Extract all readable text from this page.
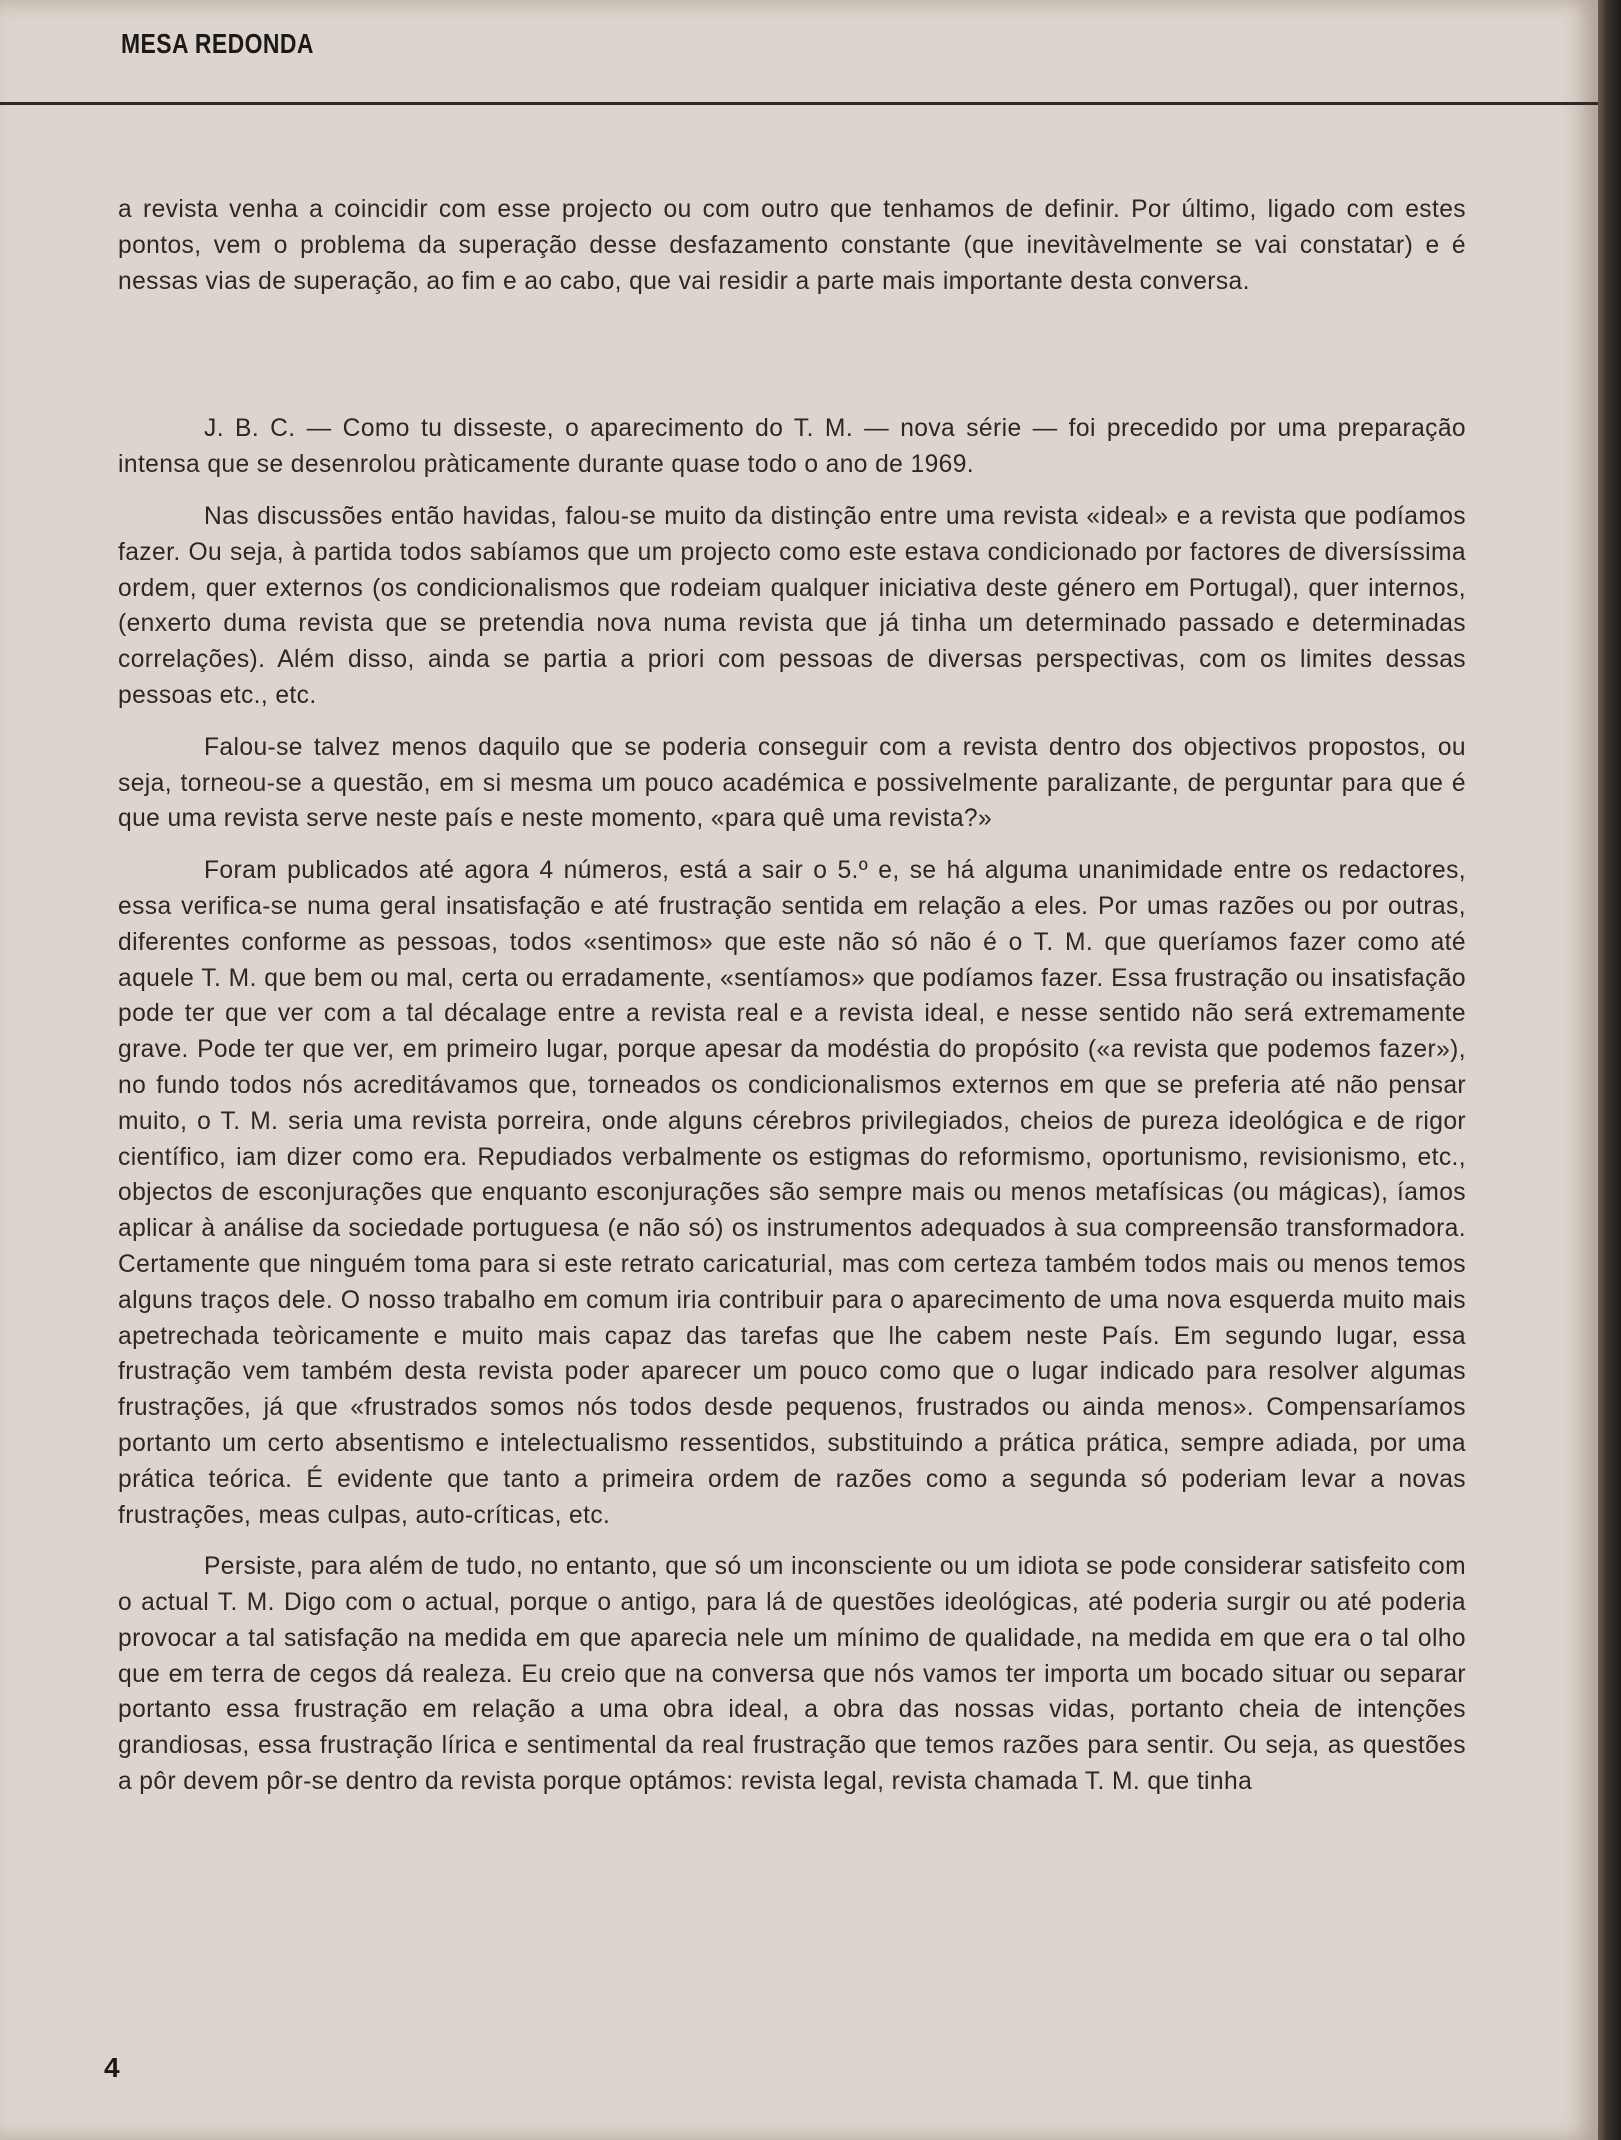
MESA REDONDA

a revista venha a coincidir com esse projecto ou com outro que tenhamos de definir. Por último, ligado com estes pontos, vem o problema da superação desse desfazamento constante (que inevitàvelmente se vai constatar) e é nessas vias de superação, ao fim e ao cabo, que vai residir a parte mais importante desta conversa.

J. B. C. — Como tu disseste, o aparecimento do T. M. — nova série — foi precedido por uma preparação intensa que se desenrolou pràticamente durante quase todo o ano de 1969.

Nas discussões então havidas, falou-se muito da distinção entre uma revista «ideal» e a revista que podíamos fazer. Ou seja, à partida todos sabíamos que um projecto como este estava condicionado por factores de diversíssima ordem, quer externos (os condicionalismos que rodeiam qualquer iniciativa deste género em Portugal), quer internos, (enxerto duma revista que se pretendia nova numa revista que já tinha um determinado passado e determinadas correlações). Além disso, ainda se partia a priori com pessoas de diversas perspectivas, com os limites dessas pessoas etc., etc.

Falou-se talvez menos daquilo que se poderia conseguir com a revista dentro dos objectivos propostos, ou seja, torneou-se a questão, em si mesma um pouco académica e possivelmente paralizante, de perguntar para que é que uma revista serve neste país e neste momento, «para quê uma revista?»

Foram publicados até agora 4 números, está a sair o 5.º e, se há alguma unanimidade entre os redactores, essa verifica-se numa geral insatisfação e até frustração sentida em relação a eles. Por umas razões ou por outras, diferentes conforme as pessoas, todos «sentimos» que este não só não é o T. M. que queríamos fazer como até aquele T. M. que bem ou mal, certa ou erradamente, «sentíamos» que podíamos fazer. Essa frustração ou insatisfação pode ter que ver com a tal décalage entre a revista real e a revista ideal, e nesse sentido não será extremamente grave. Pode ter que ver, em primeiro lugar, porque apesar da modéstia do propósito («a revista que podemos fazer»), no fundo todos nós acreditávamos que, torneados os condicionalismos externos em que se preferia até não pensar muito, o T. M. seria uma revista porreira, onde alguns cérebros privilegiados, cheios de pureza ideológica e de rigor científico, iam dizer como era. Repudiados verbalmente os estigmas do reformismo, oportunismo, revisionismo, etc., objectos de esconjurações que enquanto esconjurações são sempre mais ou menos metafísicas (ou mágicas), íamos aplicar à análise da sociedade portuguesa (e não só) os instrumentos adequados à sua compreensão transformadora. Certamente que ninguém toma para si este retrato caricaturial, mas com certeza também todos mais ou menos temos alguns traços dele. O nosso trabalho em comum iria contribuir para o aparecimento de uma nova esquerda muito mais apetrechada teòricamente e muito mais capaz das tarefas que lhe cabem neste País. Em segundo lugar, essa frustração vem também desta revista poder aparecer um pouco como que o lugar indicado para resolver algumas frustrações, já que «frustrados somos nós todos desde pequenos, frustrados ou ainda menos». Compensaríamos portanto um certo absentismo e intelectualismo ressentidos, substituindo a prática prática, sempre adiada, por uma prática teórica. É evidente que tanto a primeira ordem de razões como a segunda só poderiam levar a novas frustrações, meas culpas, auto-críticas, etc.

Persiste, para além de tudo, no entanto, que só um inconsciente ou um idiota se pode considerar satisfeito com o actual T. M. Digo com o actual, porque o antigo, para lá de questões ideológicas, até poderia surgir ou até poderia provocar a tal satisfação na medida em que aparecia nele um mínimo de qualidade, na medida em que era o tal olho que em terra de cegos dá realeza. Eu creio que na conversa que nós vamos ter importa um bocado situar ou separar portanto essa frustração em relação a uma obra ideal, a obra das nossas vidas, portanto cheia de intenções grandiosas, essa frustração lírica e sentimental da real frustração que temos razões para sentir. Ou seja, as questões a pôr devem pôr-se dentro da revista porque optámos: revista legal, revista chamada T. M. que tinha

4
